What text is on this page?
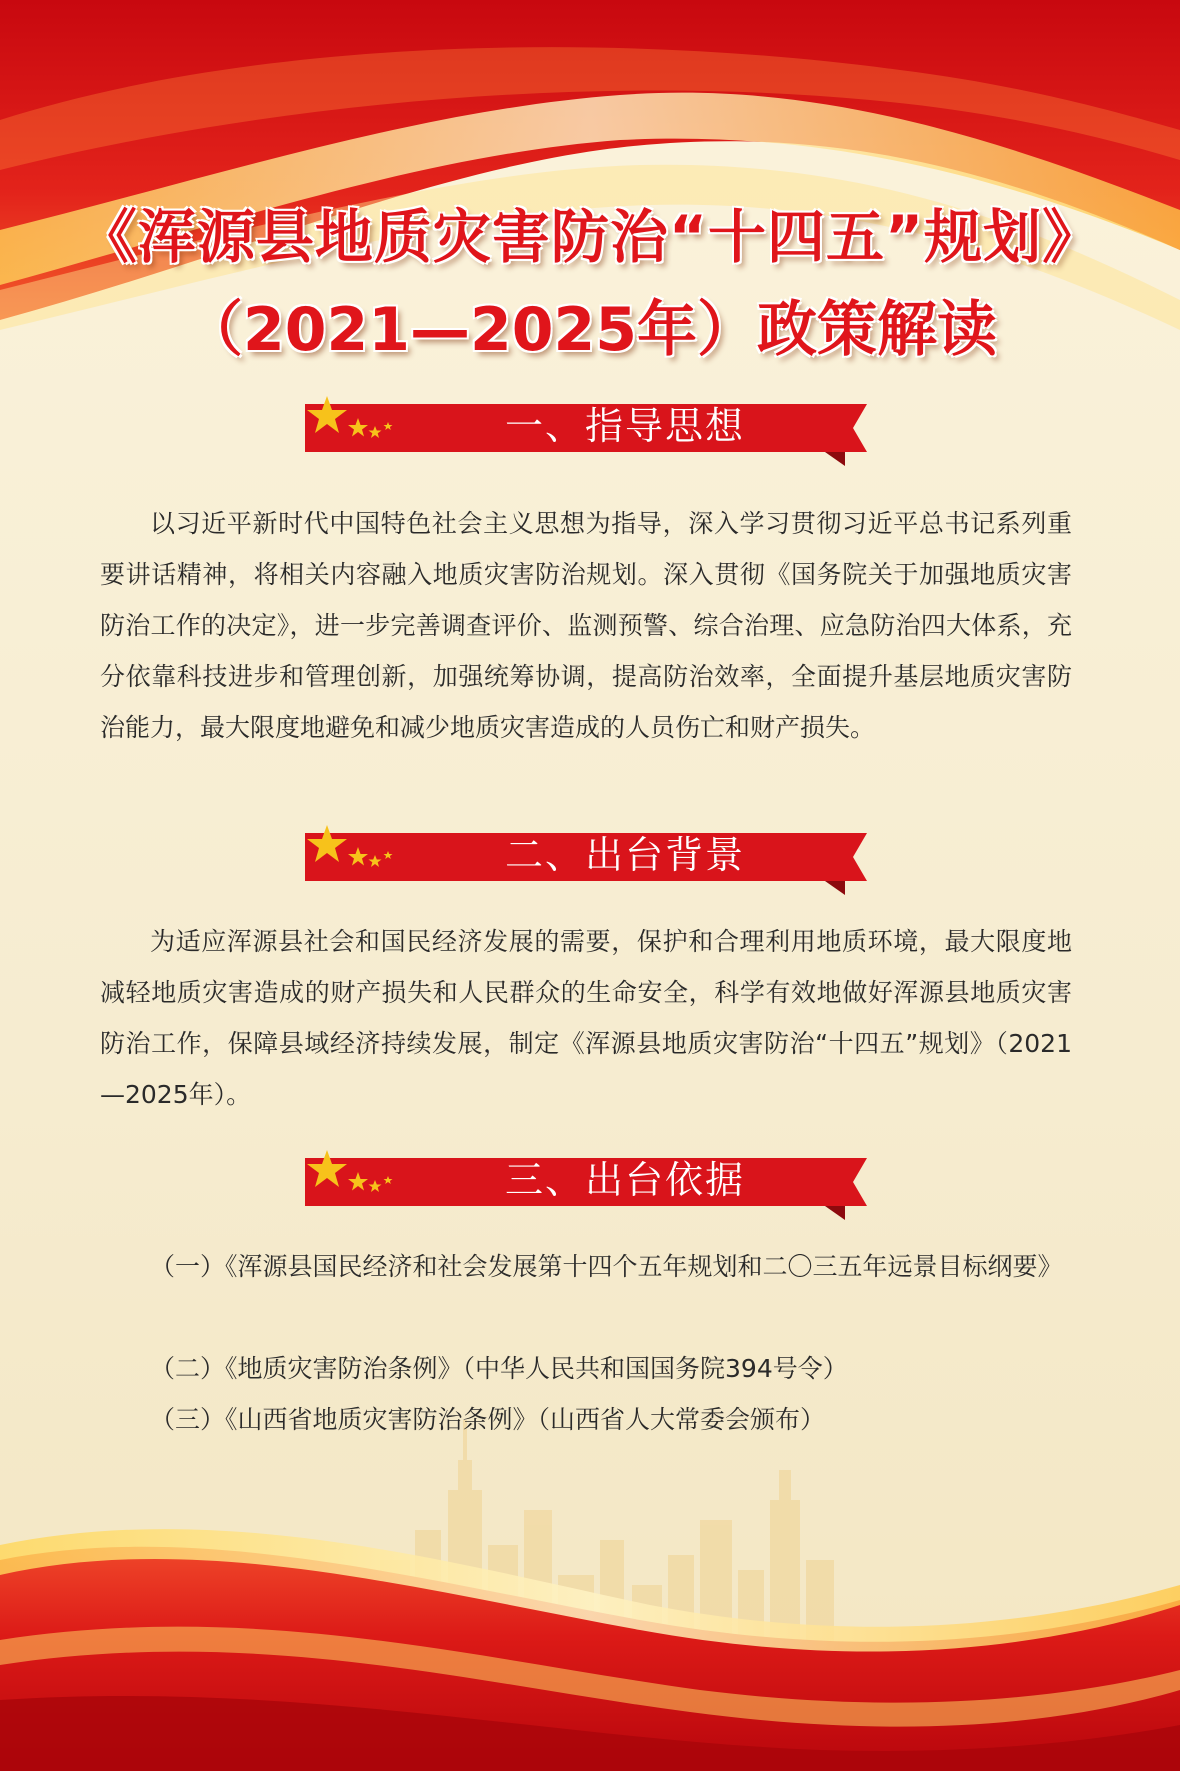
《浑源县地质灾害防治“十四五”规划》
（2021—2025年）政策解读
一、指导思想

以习近平新时代中国特色社会主义思想为指导，深入学习贯彻习近平总书记系列重要讲话精神，将相关内容融入地质灾害防治规划。深入贯彻《国务院关于加强地质灾害防治工作的决定》，进一步完善调查评价、监测预警、综合治理、应急防治四大体系，充分依靠科技进步和管理创新，加强统筹协调，提高防治效率，全面提升基层地质灾害防治能力，最大限度地避免和减少地质灾害造成的人员伤亡和财产损失。

二、出台背景

为适应浑源县社会和国民经济发展的需要，保护和合理利用地质环境，最大限度地减轻地质灾害造成的财产损失和人民群众的生命安全，科学有效地做好浑源县地质灾害防治工作，保障县域经济持续发展，制定《浑源县地质灾害防治“十四五”规划》（2021—2025年）。

三、出台依据

（一）《浑源县国民经济和社会发展第十四个五年规划和二〇三五年远景目标纲要》

（二）《地质灾害防治条例》（中华人民共和国国务院394号令）

（三）《山西省地质灾害防治条例》（山西省人大常委会颁布）
